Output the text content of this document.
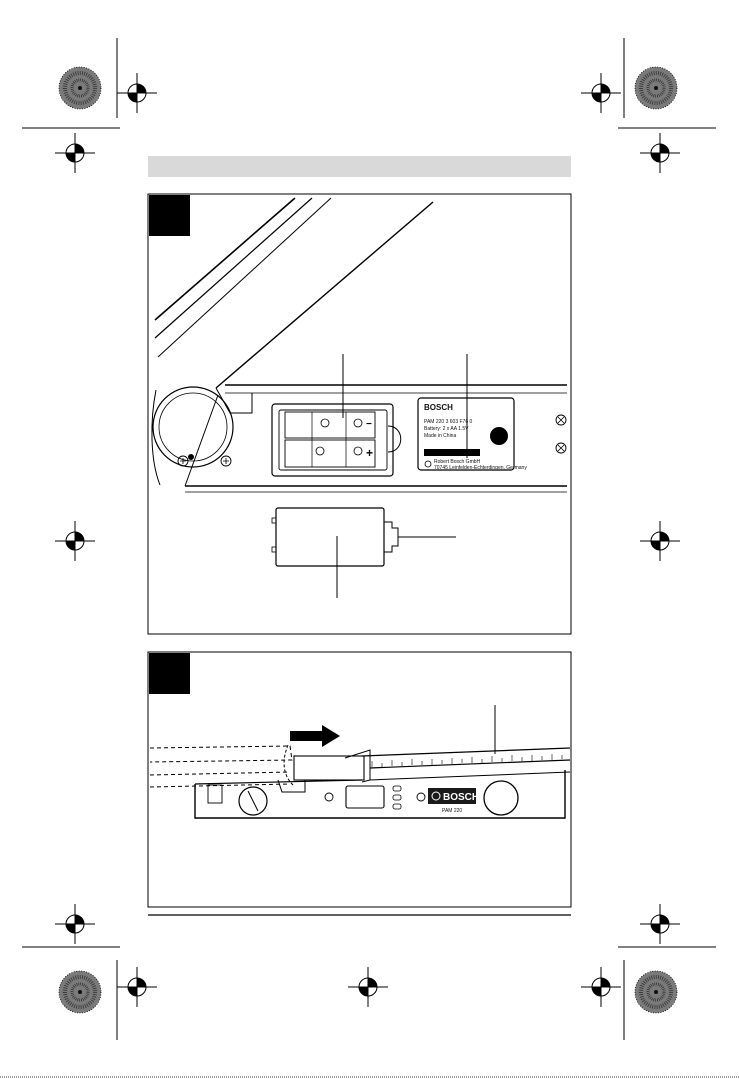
−
+
BOSCH
PAM 220 3 603 F76 0
Battery: 2 x AA 1.5V
Made in China
Robert Bosch GmbH
70745 Leinfelden-Echterdingen, Germany
BOSCH
PAM 220
